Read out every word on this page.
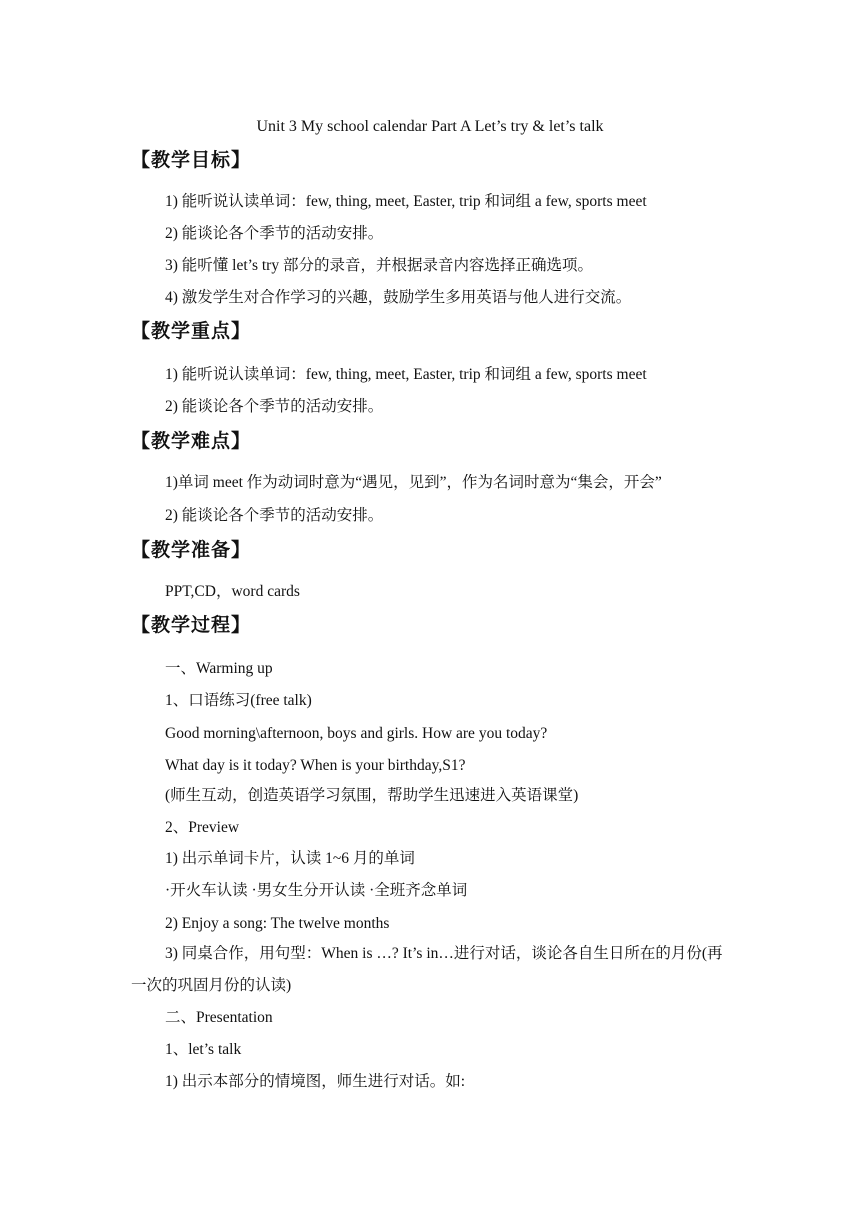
Unit 3 My school calendar Part A Let’s try & let’s talk
【教学目标】
1) 能听说认读单词：few, thing, meet, Easter, trip 和词组 a few, sports meet
2) 能谈论各个季节的活动安排。
3) 能听懂 let’s try 部分的录音，并根据录音内容选择正确选项。
4) 激发学生对合作学习的兴趣，鼓励学生多用英语与他人进行交流。
【教学重点】
1) 能听说认读单词：few, thing, meet, Easter, trip 和词组 a few, sports meet
2) 能谈论各个季节的活动安排。
【教学难点】
1)单词 meet 作为动词时意为“遇见，见到”，作为名词时意为“集会，开会”
2) 能谈论各个季节的活动安排。
【教学准备】
PPT,CD，word cards
【教学过程】
一、Warming up
1、口语练习(free talk)
Good morning\afternoon, boys and girls. How are you today?
What day is it today? When is your birthday,S1?
(师生互动，创造英语学习氛围，帮助学生迅速进入英语课堂)
2、Preview
1) 出示单词卡片，认读 1~6 月的单词
·开火车认读 ·男女生分开认读 ·全班齐念单词
2) Enjoy a song: The twelve months
3) 同桌合作，用句型：When is …? It’s in…进行对话，谈论各自生日所在的月份(再一次的巩固月份的认读)
二、Presentation
1、let’s talk
1) 出示本部分的情境图，师生进行对话。如:
